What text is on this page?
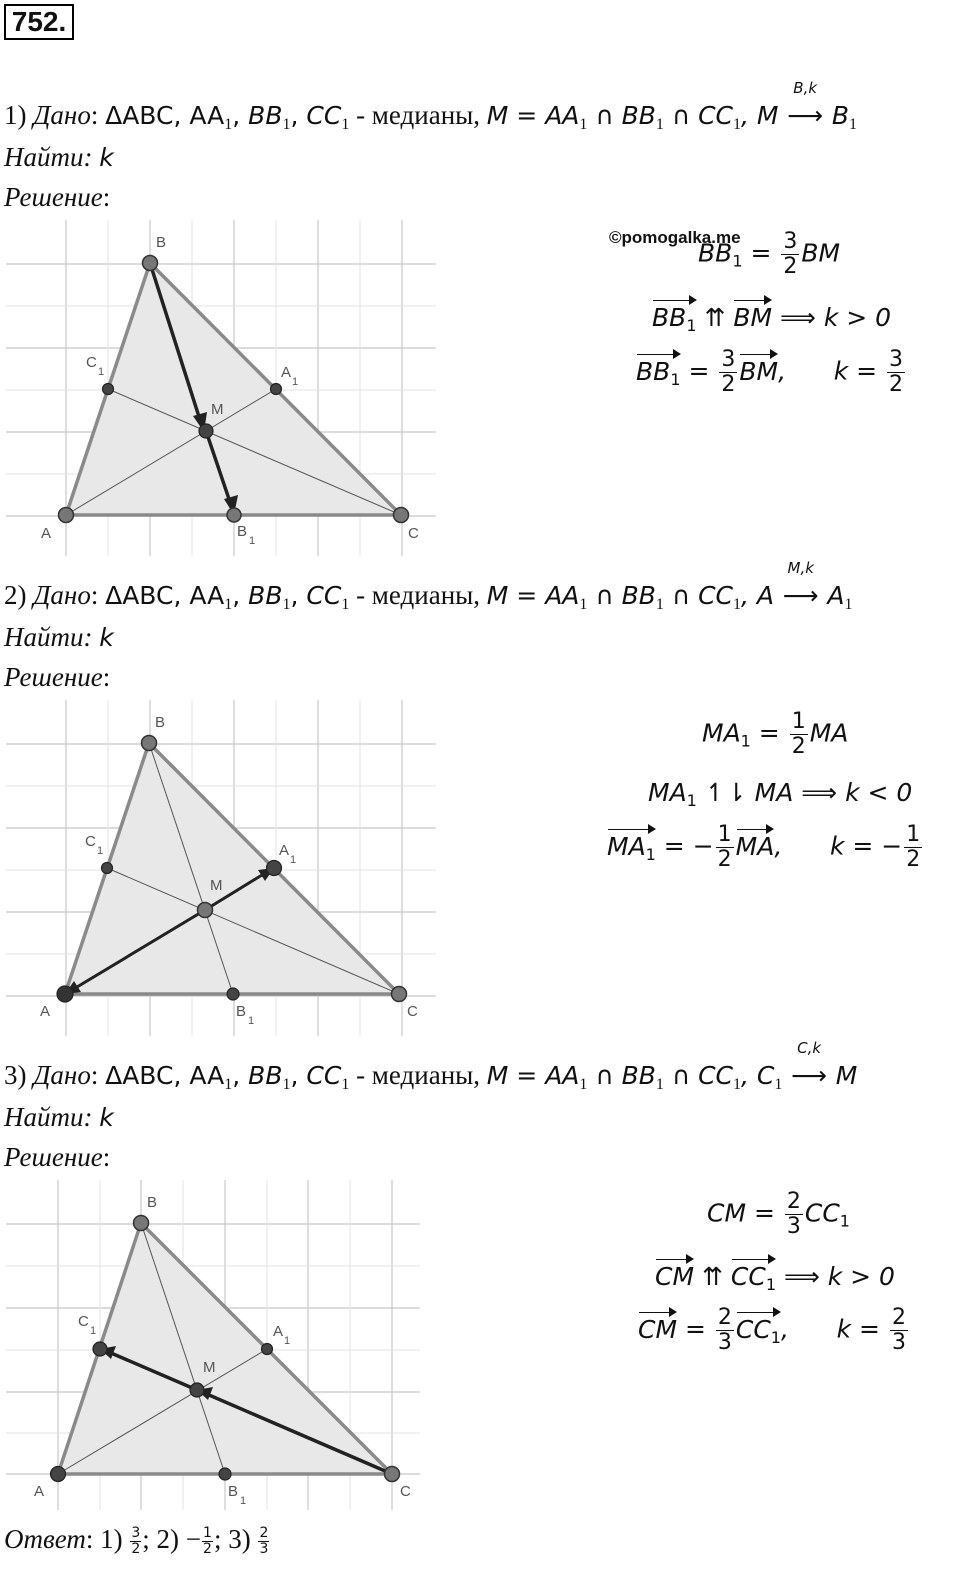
752.
1) Дано: ΔABC, $AA_1$, $BB_1$, $CC_1$ - медианы, $M = AA_1$ ∩ $BB_1$ ∩ $CC_1$, M
B,k
⟶ $B_1$
Найти: k
Решение:
B
A	C
B
1
C
1	A
1
M
©pomogalka.me
$BB_1 = \frac{3}{2}$ BM
$BB_1$ ⇈ BM ⟹ k > 0
$BB_1 = \frac{3}{2}$ BM,      $k = \frac{3}{2}$
2) Дано: ΔABC, $AA_1$, $BB_1$, $CC_1$ - медианы, $M = AA_1$ ∩ $BB_1$ ∩ $CC_1$, A
M,k
⟶ $A_1$
Найти: k
Решение:
B
A	C
B
1
C
1	A
1
M
$MA_1 = \frac{1}{2}$ MA
$MA_1$ ↿⇂ MA ⟹ k < 0
$MA_1$ = − $\frac{1}{2}$ MA,      k = − $\frac{1}{2}$
3) Дано: ΔABC, $AA_1$, $BB_1$, $CC_1$ - медианы, $M = AA_1$ ∩ $BB_1$ ∩ $CC_1$, $C_1$
C,k
⟶ M
Найти: k
Решение:
B
A	C
B
1
C
1	A
1
M
CM = $\frac{2}{3} CC_1$
CM ⇈ $CC_1$ ⟹ k > 0
CM = $\frac{2}{3} CC_1$,      $k = \frac{2}{3}$
Ответ: $1) \frac{3}{2}$ ; $2) - \frac{1}{2}$ ; $3) \frac{2}{3}$
